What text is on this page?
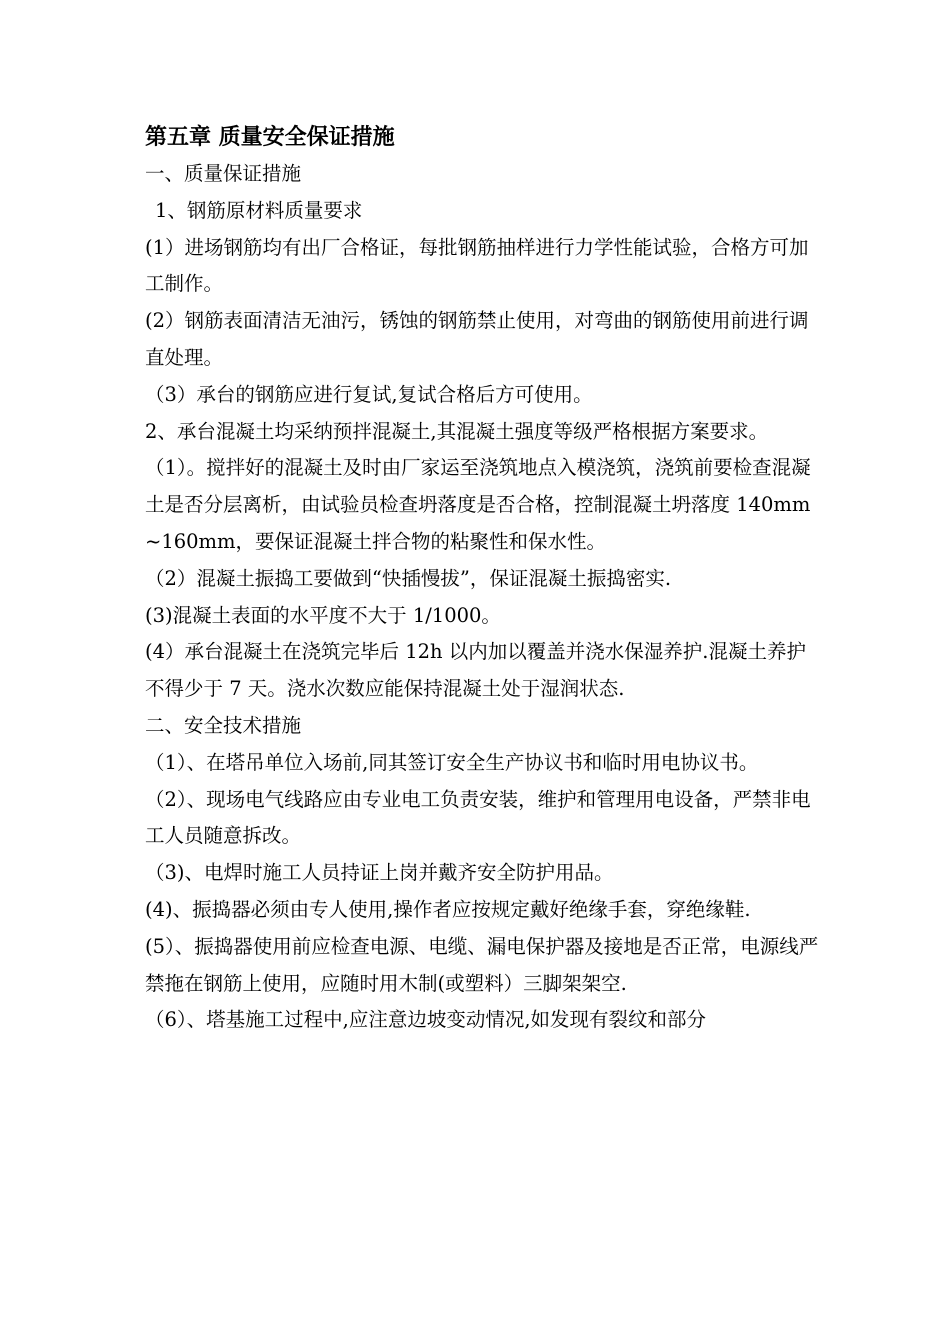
第五章 质量安全保证措施

一、质量保证措施

1、钢筋原材料质量要求

(1）进场钢筋均有出厂合格证，每批钢筋抽样进行力学性能试验，合格方可加工制作。

(2）钢筋表面清洁无油污，锈蚀的钢筋禁止使用，对弯曲的钢筋使用前进行调直处理。

（3）承台的钢筋应进行复试,复试合格后方可使用。

2、承台混凝土均采纳预拌混凝土,其混凝土强度等级严格根据方案要求。

（1）。搅拌好的混凝土及时由厂家运至浇筑地点入模浇筑，浇筑前要检查混凝土是否分层离析，由试验员检查坍落度是否合格，控制混凝土坍落度 140mm~160mm，要保证混凝土拌合物的粘聚性和保水性。

（2）混凝土振捣工要做到“快插慢拔”，保证混凝土振捣密实.

(3)混凝土表面的水平度不大于 1/1000。

(4）承台混凝土在浇筑完毕后 12h 以内加以覆盖并浇水保湿养护.混凝土养护不得少于 7 天。浇水次数应能保持混凝土处于湿润状态.

二、安全技术措施

（1）、在塔吊单位入场前,同其签订安全生产协议书和临时用电协议书。

（2）、现场电气线路应由专业电工负责安装，维护和管理用电设备，严禁非电工人员随意拆改。

（3)、电焊时施工人员持证上岗并戴齐安全防护用品。

(4)、振捣器必须由专人使用,操作者应按规定戴好绝缘手套，穿绝缘鞋.

(5）、振捣器使用前应检查电源、电缆、漏电保护器及接地是否正常，电源线严禁拖在钢筋上使用，应随时用木制(或塑料）三脚架架空.

（6）、塔基施工过程中,应注意边坡变动情况,如发现有裂纹和部分
